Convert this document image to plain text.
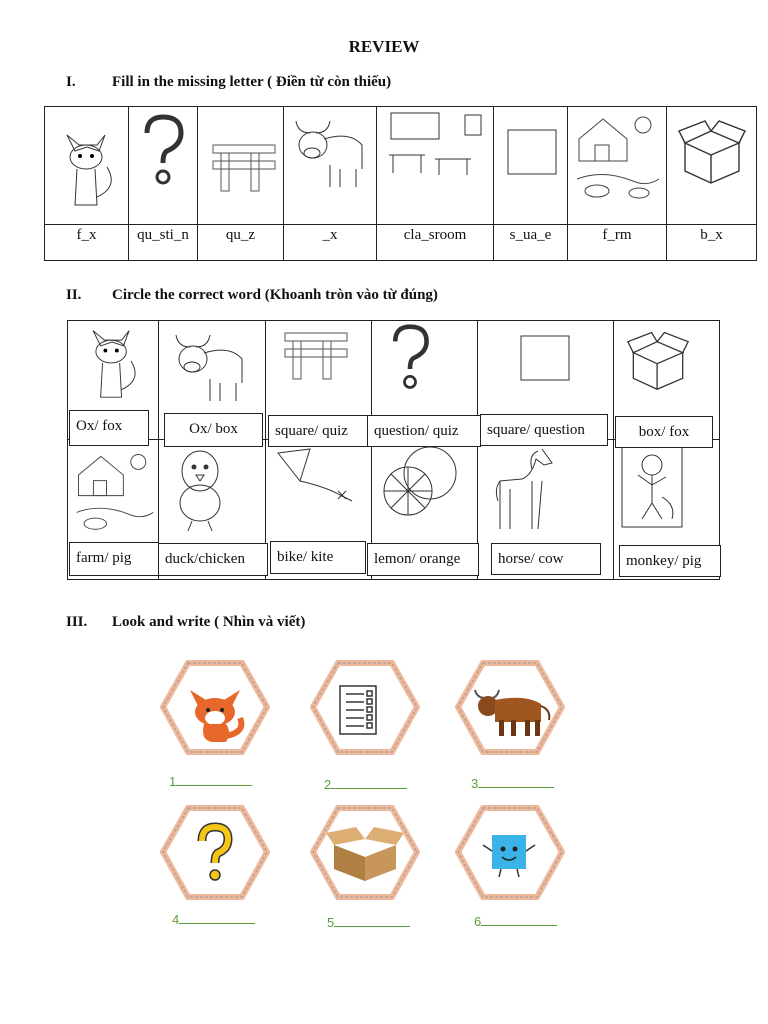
REVIEW
I. Fill in the missing letter ( Điền từ còn thiếu)
f_x	qu_sti_n	qu_z	_x	cla_sroom	s_ua_e	f_rm	b_x
II. Circle the correct word (Khoanh tròn vào từ đúng)
Ox/ fox	Ox/ box	square/ quiz	question/ quiz	square/ question	box/ fox
farm/ pig	duck/chicken	bike/ kite	lemon/ orange	horse/ cow	monkey/ pig
III. Look and write ( Nhìn và viết)
1	2	3
4	5	6
